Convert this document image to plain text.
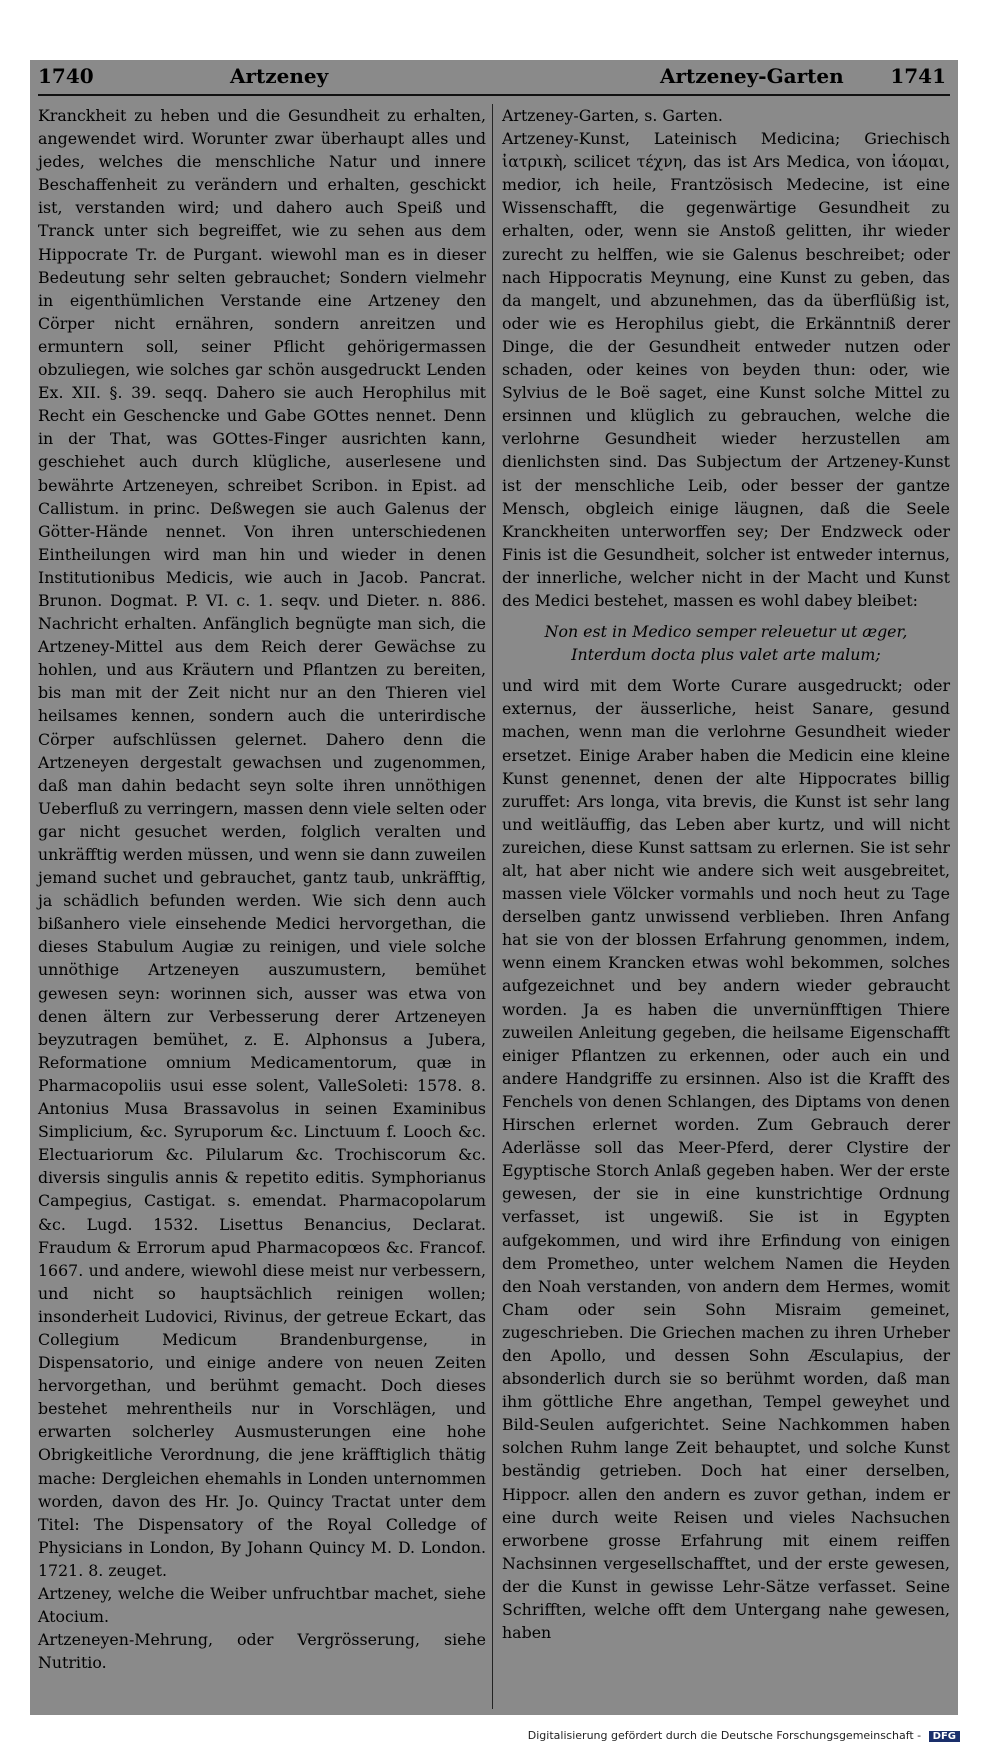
1740	Artzeney	Artzeney-Garten 1741

Kranckheit zu heben und die Gesundheit zu erhalten, angewendet wird. Worunter zwar überhaupt alles und jedes, welches die menschliche Natur und innere Beschaffenheit zu verändern und erhalten, geschickt ist, verstanden wird; und dahero auch Speiß und Tranck unter sich begreiffet, wie zu sehen aus dem Hippocrate Tr. de Purgant. wiewohl man es in dieser Bedeutung sehr selten gebrauchet; Sondern vielmehr in eigenthümlichen Verstande eine Artzeney den Cörper nicht ernähren, sondern anreitzen und ermuntern soll, seiner Pflicht gehörigermassen obzuliegen, wie solches gar schön ausgedruckt Lenden Ex. XII. §. 39. seqq. Dahero sie auch Herophilus mit Recht ein Geschencke und Gabe GOttes nennet. Denn in der That, was GOttes-Finger ausrichten kann, geschiehet auch durch klügliche, auserlesene und bewährte Artzeneyen, schreibet Scribon. in Epist. ad Callistum. in princ. Deßwegen sie auch Galenus der Götter-Hände nennet. Von ihren unterschiedenen Eintheilungen wird man hin und wieder in denen Institutionibus Medicis, wie auch in Jacob. Pancrat. Brunon. Dogmat. P. VI. c. 1. seqv. und Dieter. n. 886. Nachricht erhalten. Anfänglich begnügte man sich, die Artzeney-Mittel aus dem Reich derer Gewächse zu hohlen, und aus Kräutern und Pflantzen zu bereiten, bis man mit der Zeit nicht nur an den Thieren viel heilsames kennen, sondern auch die unterirdische Cörper aufschlüssen gelernet. Dahero denn die Artzeneyen dergestalt gewachsen und zugenommen, daß man dahin bedacht seyn solte ihren unnöthigen Ueberfluß zu verringern, massen denn viele selten oder gar nicht gesuchet werden, folglich veralten und unkräfftig werden müssen, und wenn sie dann zuweilen jemand suchet und gebrauchet, gantz taub, unkräfftig, ja schädlich befunden werden. Wie sich denn auch bißanhero viele einsehende Medici hervorgethan, die dieses Stabulum Augiæ zu reinigen, und viele solche unnöthige Artzeneyen auszumustern, bemühet gewesen seyn: worinnen sich, ausser was etwa von denen ältern zur Verbesserung derer Artzeneyen beyzutragen bemühet, z. E. Alphonsus a Jubera, Reformatione omnium Medicamentorum, quæ in Pharmacopoliis usui esse solent, ValleSoleti: 1578. 8. Antonius Musa Brassavolus in seinen Examinibus Simplicium, &c. Syruporum &c. Linctuum f. Looch &c. Electuariorum &c. Pilularum &c. Trochiscorum &c. diversis singulis annis & repetito editis. Symphorianus Campegius, Castigat. s. emendat. Pharmacopolarum &c. Lugd. 1532. Lisettus Benancius, Declarat. Fraudum & Errorum apud Pharmacopœos &c. Francof. 1667. und andere, wiewohl diese meist nur verbessern, und nicht so hauptsächlich reinigen wollen; insonderheit Ludovici, Rivinus, der getreue Eckart, das Collegium Medicum Brandenburgense, in Dispensatorio, und einige andere von neuen Zeiten hervorgethan, und berühmt gemacht. Doch dieses bestehet mehrentheils nur in Vorschlägen, und erwarten solcherley Ausmusterungen eine hohe Obrigkeitliche Verordnung, die jene kräfftiglich thätig mache: Dergleichen ehemahls in Londen unternommen worden, davon des Hr. Jo. Quincy Tractat unter dem Titel: The Dispensatory of the Royal Colledge of Physicians in London, By Johann Quincy M. D. London. 1721. 8. zeuget.

Artzeney, welche die Weiber unfruchtbar machet, siehe Atocium.

Artzeneyen-Mehrung, oder Vergrösserung, siehe Nutritio.

Artzeney-Garten, s. Garten.

Artzeney-Kunst, Lateinisch Medicina; Griechisch ἰατρικὴ, scilicet τέχνη, das ist Ars Medica, von ἰάομαι, medior, ich heile, Frantzösisch Medecine, ist eine Wissenschafft, die gegenwärtige Gesundheit zu erhalten, oder, wenn sie Anstoß gelitten, ihr wieder zurecht zu helffen, wie sie Galenus beschreibet; oder nach Hippocratis Meynung, eine Kunst zu geben, das da mangelt, und abzunehmen, das da überflüßig ist, oder wie es Herophilus giebt, die Erkänntniß derer Dinge, die der Gesundheit entweder nutzen oder schaden, oder keines von beyden thun: oder, wie Sylvius de le Boë saget, eine Kunst solche Mittel zu ersinnen und klüglich zu gebrauchen, welche die verlohrne Gesundheit wieder herzustellen am dienlichsten sind. Das Subjectum der Artzeney-Kunst ist der menschliche Leib, oder besser der gantze Mensch, obgleich einige läugnen, daß die Seele Kranckheiten unterworffen sey; Der Endzweck oder Finis ist die Gesundheit, solcher ist entweder internus, der innerliche, welcher nicht in der Macht und Kunst des Medici bestehet, massen es wohl dabey bleibet:

Non est in Medico semper releuetur ut æger,
Interdum docta plus valet arte malum;

und wird mit dem Worte Curare ausgedruckt; oder externus, der äusserliche, heist Sanare, gesund machen, wenn man die verlohrne Gesundheit wieder ersetzet. Einige Araber haben die Medicin eine kleine Kunst genennet, denen der alte Hippocrates billig zuruffet: Ars longa, vita brevis, die Kunst ist sehr lang und weitläuffig, das Leben aber kurtz, und will nicht zureichen, diese Kunst sattsam zu erlernen. Sie ist sehr alt, hat aber nicht wie andere sich weit ausgebreitet, massen viele Völcker vormahls und noch heut zu Tage derselben gantz unwissend verblieben. Ihren Anfang hat sie von der blossen Erfahrung genommen, indem, wenn einem Krancken etwas wohl bekommen, solches aufgezeichnet und bey andern wieder gebraucht worden. Ja es haben die unvernünfftigen Thiere zuweilen Anleitung gegeben, die heilsame Eigenschafft einiger Pflantzen zu erkennen, oder auch ein und andere Handgriffe zu ersinnen. Also ist die Krafft des Fenchels von denen Schlangen, des Diptams von denen Hirschen erlernet worden. Zum Gebrauch derer Aderlässe soll das Meer-Pferd, derer Clystire der Egyptische Storch Anlaß gegeben haben. Wer der erste gewesen, der sie in eine kunstrichtige Ordnung verfasset, ist ungewiß. Sie ist in Egypten aufgekommen, und wird ihre Erfindung von einigen dem Prometheo, unter welchem Namen die Heyden den Noah verstanden, von andern dem Hermes, womit Cham oder sein Sohn Misraim gemeinet, zugeschrieben. Die Griechen machen zu ihren Urheber den Apollo, und dessen Sohn Æsculapius, der absonderlich durch sie so berühmt worden, daß man ihm göttliche Ehre angethan, Tempel geweyhet und Bild-Seulen aufgerichtet. Seine Nachkommen haben solchen Ruhm lange Zeit behauptet, und solche Kunst beständig getrieben. Doch hat einer derselben, Hippocr. allen den andern es zuvor gethan, indem er eine durch weite Reisen und vieles Nachsuchen erworbene grosse Erfahrung mit einem reiffen Nachsinnen vergesellschafftet, und der erste gewesen, der die Kunst in gewisse Lehr-Sätze verfasset. Seine Schrifften, welche offt dem Untergang nahe gewesen, haben

Digitalisierung gefördert durch die Deutsche Forschungsgemeinschaft - DFG
